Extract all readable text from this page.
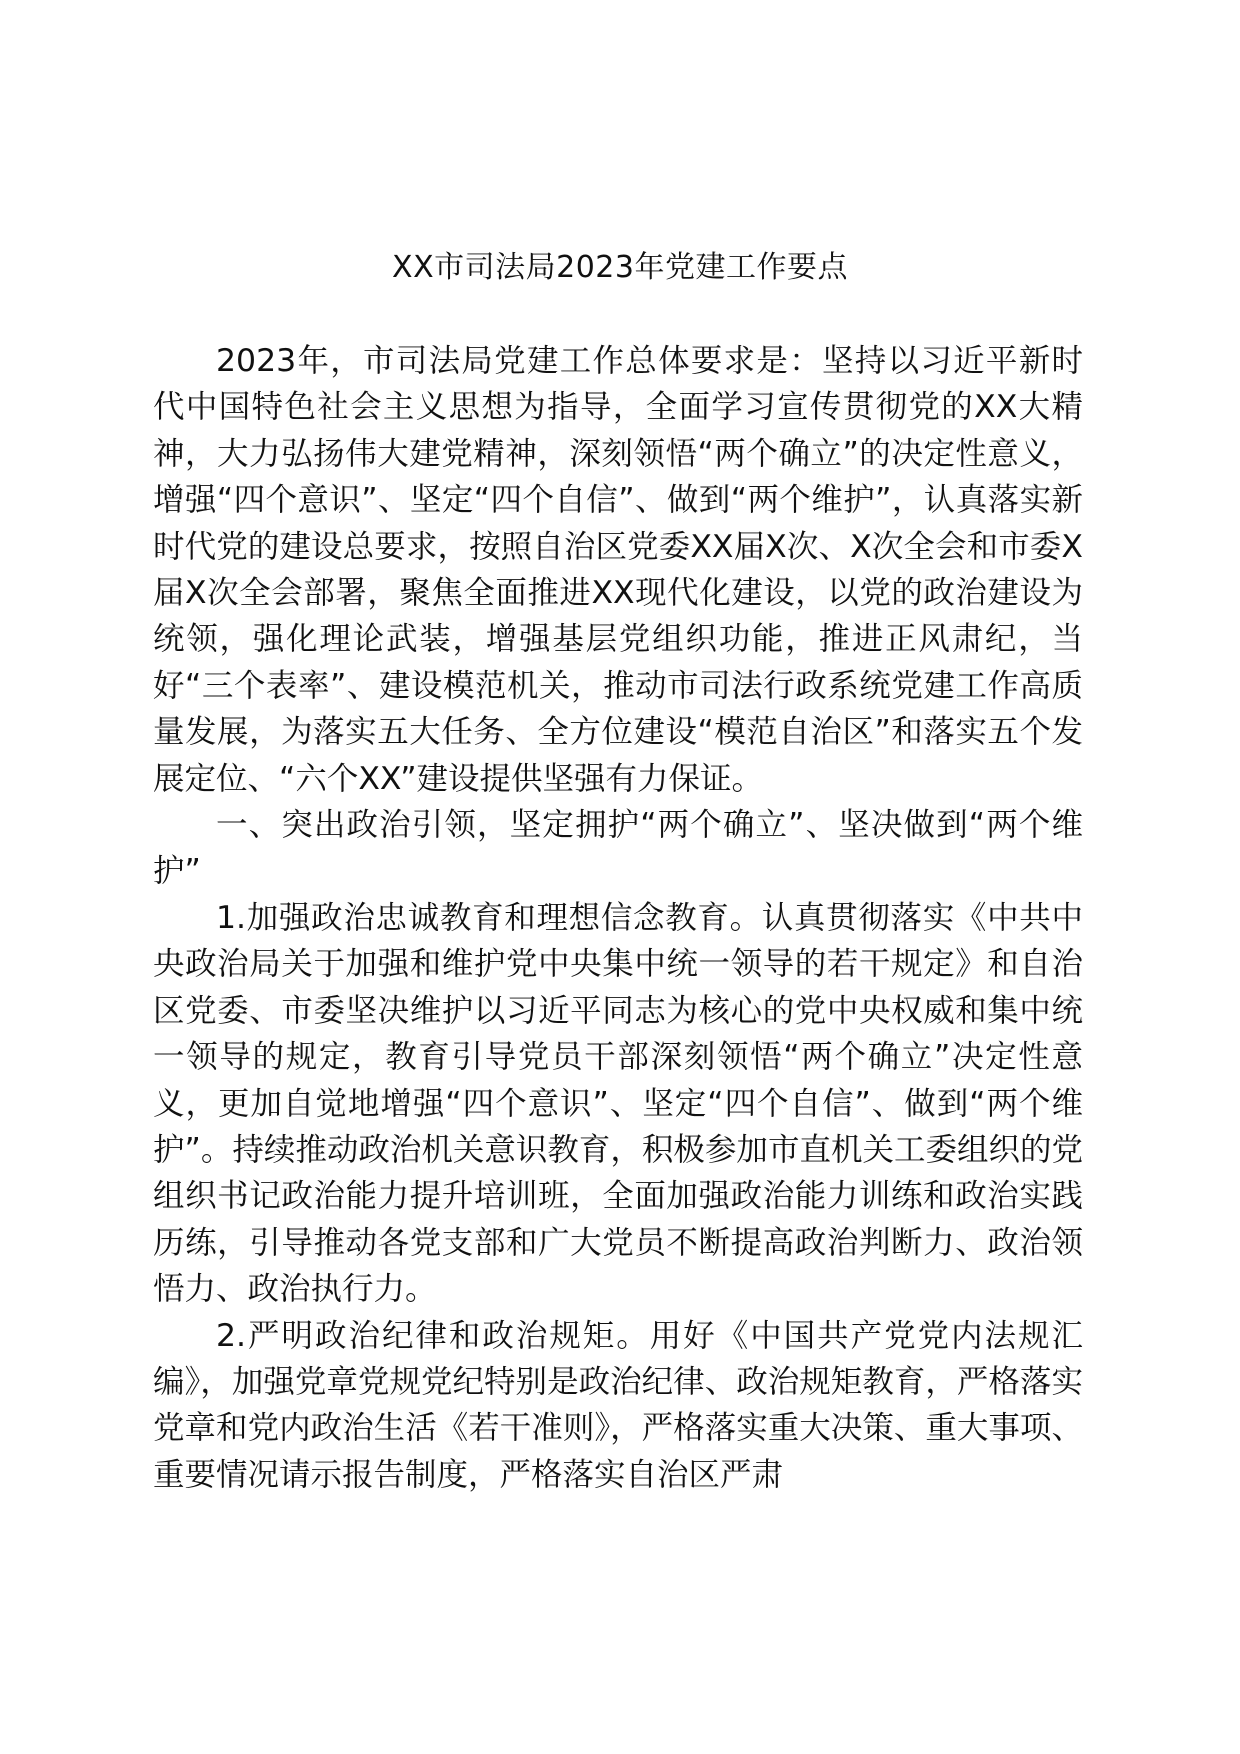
XX市司法局2023年党建工作要点

2023年，市司法局党建工作总体要求是：坚持以习近平新时代中国特色社会主义思想为指导，全面学习宣传贯彻党的XX大精神，大力弘扬伟大建党精神，深刻领悟“两个确立”的决定性意义，增强“四个意识”、坚定“四个自信”、做到“两个维护”，认真落实新时代党的建设总要求，按照自治区党委XX届X次、X次全会和市委X届X次全会部署，聚焦全面推进XX现代化建设，以党的政治建设为统领，强化理论武装，增强基层党组织功能，推进正风肃纪，当好“三个表率”、建设模范机关，推动市司法行政系统党建工作高质量发展，为落实五大任务、全方位建设“模范自治区”和落实五个发展定位、“六个XX”建设提供坚强有力保证。

一、突出政治引领，坚定拥护“两个确立”、坚决做到“两个维护”

1.加强政治忠诚教育和理想信念教育。认真贯彻落实《中共中央政治局关于加强和维护党中央集中统一领导的若干规定》和自治区党委、市委坚决维护以习近平同志为核心的党中央权威和集中统一领导的规定，教育引导党员干部深刻领悟“两个确立”决定性意义，更加自觉地增强“四个意识”、坚定“四个自信”、做到“两个维护”。持续推动政治机关意识教育，积极参加市直机关工委组织的党组织书记政治能力提升培训班，全面加强政治能力训练和政治实践历练，引导推动各党支部和广大党员不断提高政治判断力、政治领悟力、政治执行力。

2.严明政治纪律和政治规矩。用好《中国共产党党内法规汇编》，加强党章党规党纪特别是政治纪律、政治规矩教育，严格落实党章和党内政治生活《若干准则》，严格落实重大决策、重大事项、重要情况请示报告制度，严格落实自治区严肃
